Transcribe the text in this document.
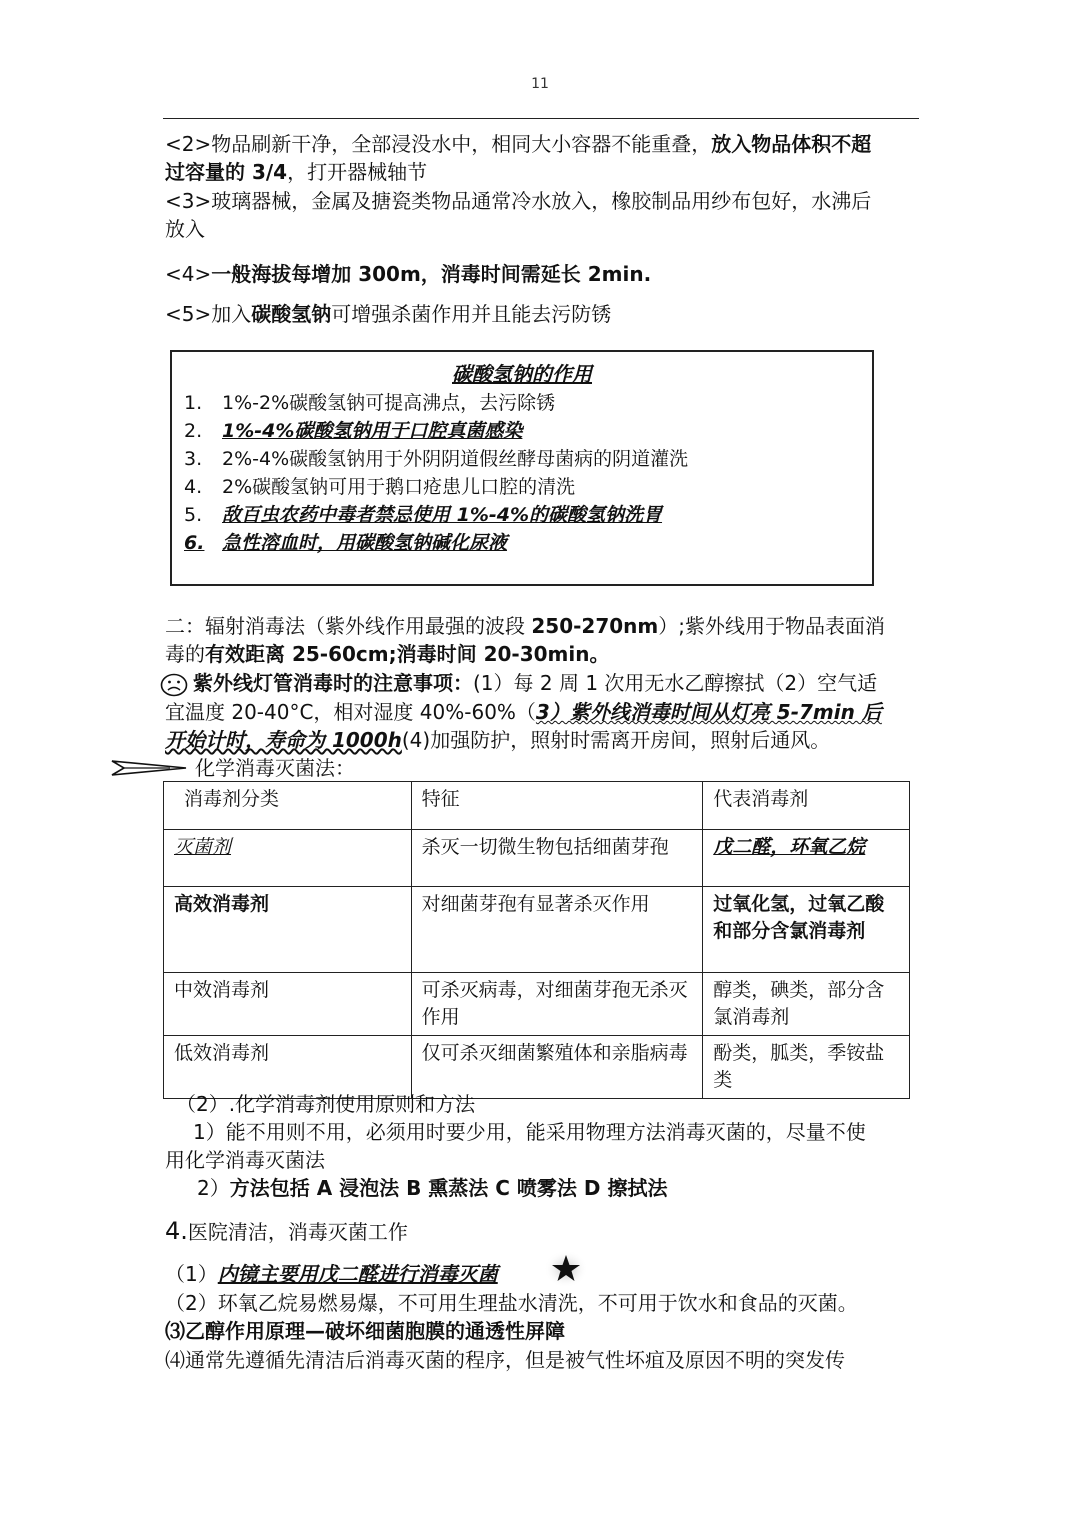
11
<2>物品刷新干净，全部浸没水中，相同大小容器不能重叠，放入物品体积不超
过容量的 3/4，打开器械轴节
<3>玻璃器械，金属及搪瓷类物品通常冷水放入，橡胶制品用纱布包好，水沸后
放入
<4>一般海拔每增加 300m，消毒时间需延长 2min.
<5>加入碳酸氢钠可增强杀菌作用并且能去污防锈
碳酸氢钠的作用
1. 1%-2%碳酸氢钠可提高沸点，去污除锈
2. 1%-4%碳酸氢钠用于口腔真菌感染
3. 2%-4%碳酸氢钠用于外阴阴道假丝酵母菌病的阴道灌洗
4. 2%碳酸氢钠可用于鹅口疮患儿口腔的清洗
5. 敌百虫农药中毒者禁忌使用 1%-4%的碳酸氢钠洗胃
6. 急性溶血时，用碳酸氢钠碱化尿液
二：辐射消毒法（紫外线作用最强的波段 250-270nm）;紫外线用于物品表面消
毒的有效距离 25-60cm;消毒时间 20-30min。
紫外线灯管消毒时的注意事项：(1）每 2 周 1 次用无水乙醇擦拭（2）空气适
宜温度 20-40°C，相对湿度 40%-60%（3）紫外线消毒时间从灯亮 5-7min 后
开始计时，寿命为 1000h(4)加强防护，照射时需离开房间，照射后通风。
化学消毒灭菌法：
消毒剂分类	特征	代表消毒剂
灭菌剂	杀灭一切微生物包括细菌芽孢	戊二醛，环氧乙烷
高效消毒剂	对细菌芽孢有显著杀灭作用	过氧化氢，过氧乙酸和部分含氯消毒剂
中效消毒剂	可杀灭病毒，对细菌芽孢无杀灭作用	醇类，碘类，部分含氯消毒剂
低效消毒剂	仅可杀灭细菌繁殖体和亲脂病毒	酚类，胍类，季铵盐类
（2）.化学消毒剂使用原则和方法
1）能不用则不用，必须用时要少用，能采用物理方法消毒灭菌的，尽量不使
用化学消毒灭菌法
2）方法包括 A 浸泡法 B 熏蒸法 C 喷雾法 D 擦拭法
4.医院清洁，消毒灭菌工作
（1）内镜主要用戊二醛进行消毒灭菌
（2）环氧乙烷易燃易爆，不可用生理盐水清洗，不可用于饮水和食品的灭菌。
⑶乙醇作用原理—破坏细菌胞膜的通透性屏障
⑷通常先遵循先清洁后消毒灭菌的程序，但是被气性坏疽及原因不明的突发传
